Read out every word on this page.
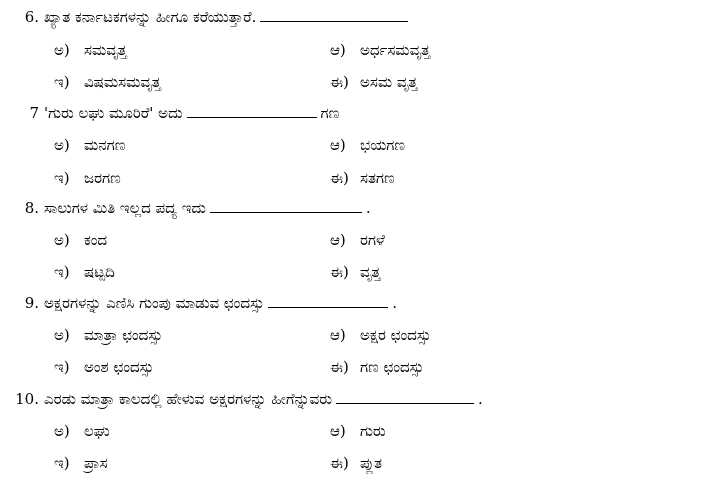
6. ಖ್ಯಾತ ಕರ್ನಾಟಕಗಳನ್ನು ಹೀಗೂ ಕರೆಯುತ್ತಾರೆ.
ಅ) ಸಮವೃತ್ತ	ಆ) ಅರ್ಧಸಮವೃತ್ತ
ಇ) ವಿಷಮಸಮವೃತ್ತ	ಈ) ಅಸಮ ವೃತ್ತ
7 'ಗುರು ಲಘು ಮೂರಿರೆ' ಅದು	ಗಣ
ಅ) ಮನಗಣ	ಆ) ಭಯಗಣ
ಇ) ಜರಗಣ	ಈ) ಸತಗಣ
8. ಸಾಲುಗಳ ಮಿತಿ ಇಲ್ಲದ ಪದ್ಯ ಇದು	.
ಅ) ಕಂದ	ಆ) ರಗಳೆ
ಇ) ಷಟ್ಪದಿ	ಈ) ವೃತ್ತ
9. ಅಕ್ಷರಗಳನ್ನು ಎಣಿಸಿ ಗುಂಪು ಮಾಡುವ ಛಂದಸ್ಸು	.
ಅ) ಮಾತ್ರಾ ಛಂದಸ್ಸು	ಆ) ಅಕ್ಷರ ಛಂದಸ್ಸು
ಇ) ಅಂಶ ಛಂದಸ್ಸು	ಈ) ಗಣ ಛಂದಸ್ಸು
10. ಎರಡು ಮಾತ್ರಾ ಕಾಲದಲ್ಲಿ ಹೇಳುವ ಅಕ್ಷರಗಳನ್ನು ಹೀಗೆನ್ನುವರು	.
ಅ) ಲಘು	ಆ) ಗುರು
ಇ) ಪ್ರಾಸ	ಈ) ಪ್ಲುತ
